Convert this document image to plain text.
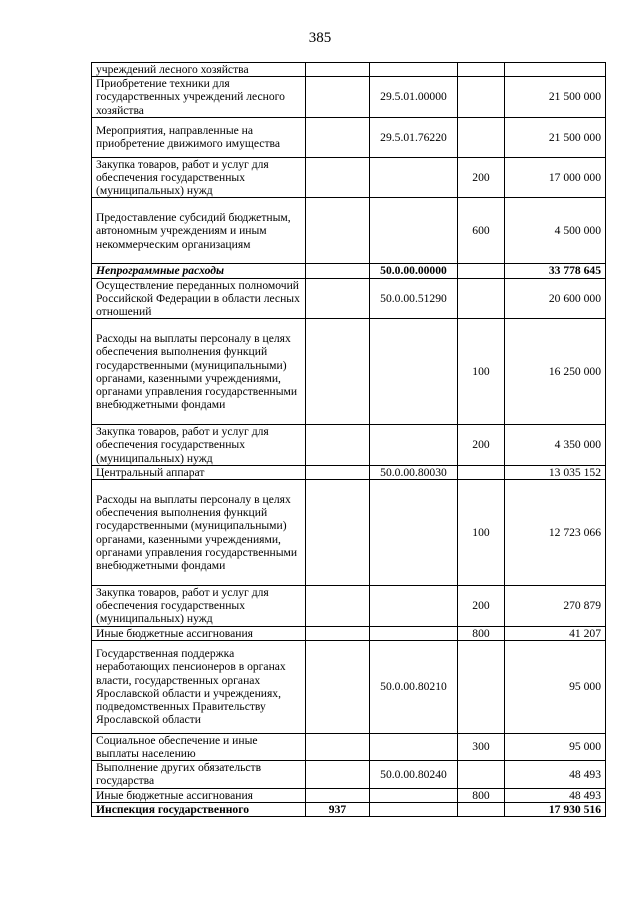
385
учреждений лесного хозяйства				
Приобретение техники для государственных учреждений лесного хозяйства		29.5.01.00000		21 500 000
Мероприятия, направленные на приобретение движимого имущества		29.5.01.76220		21 500 000
Закупка товаров, работ и услуг для обеспечения государственных (муниципальных) нужд			200	17 000 000
Предоставление субсидий бюджетным, автономным учреждениям и иным некоммерческим организациям			600	4 500 000
Непрограммные расходы		50.0.00.00000		33 778 645
Осуществление переданных полномочий Российской Федерации в области лесных отношений		50.0.00.51290		20 600 000
Расходы на выплаты персоналу в целях обеспечения выполнения функций государственными (муниципальными) органами, казенными учреждениями, органами управления государственными внебюджетными фондами			100	16 250 000
Закупка товаров, работ и услуг для обеспечения государственных (муниципальных) нужд			200	4 350 000
Центральный аппарат		50.0.00.80030		13 035 152
Расходы на выплаты персоналу в целях обеспечения выполнения функций государственными (муниципальными) органами, казенными учреждениями, органами управления государственными внебюджетными фондами			100	12 723 066
Закупка товаров, работ и услуг для обеспечения государственных (муниципальных) нужд			200	270 879
Иные бюджетные ассигнования			800	41 207
Государственная поддержка неработающих пенсионеров в органах власти, государственных органах Ярославской области и учреждениях, подведомственных Правительству Ярославской области		50.0.00.80210		95 000
Социальное обеспечение и иные выплаты населению			300	95 000
Выполнение других обязательств государства		50.0.00.80240		48 493
Иные бюджетные ассигнования			800	48 493
Инспекция государственного	937			17 930 516
